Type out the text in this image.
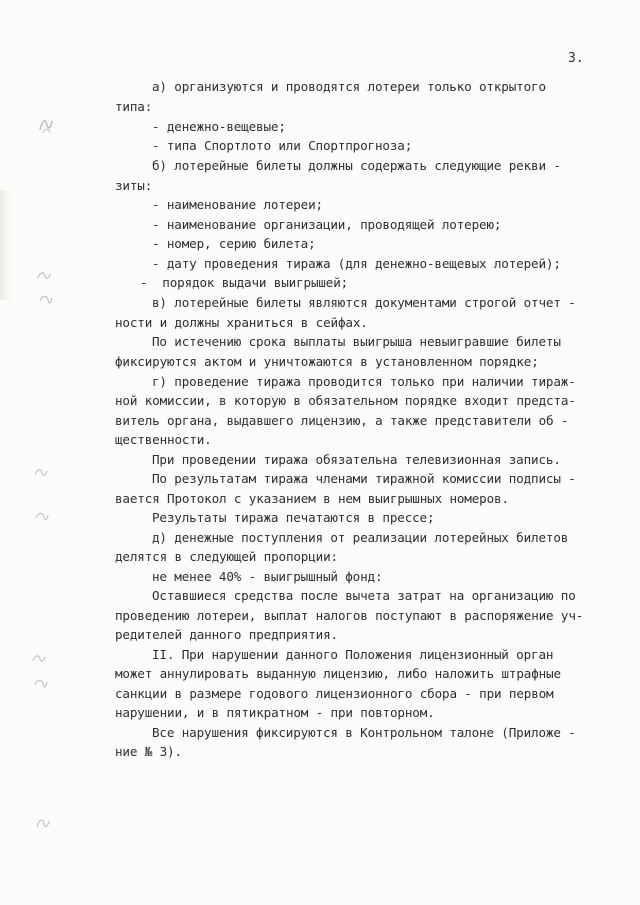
3.
а) организуются и проводятся лотереи только открытого
типа:
- денежно-вещевые;
- типа Спортлото или Спортпрогноза;
б) лотерейные билеты должны содержать следующие рекви -
зиты:
- наименование лотереи;
- наименование организации, проводящей лотерею;
- номер, серию билета;
- дату проведения тиража (для денежно-вещевых лотерей);
-  порядок выдачи выигрышей;
в) лотерейные билеты являются документами строгой отчет -
ности и должны храниться в сейфах.
По истечению срока выплаты выигрыша невыигравшие билеты
фиксируются актом и уничтожаются в установленном порядке;
г) проведение тиража проводится только при наличии тираж-
ной комиссии, в которую в обязательном порядке входит предста-
витель органа, выдавшего лицензию, а также представители об -
щественности.
При проведении тиража обязательна телевизионная запись.
По результатам тиража членами тиражной комиссии подписы -
вается Протокол с указанием в нем выигрышных номеров.
Результаты тиража печатаются в прессе;
д) денежные поступления от реализации лотерейных билетов
делятся в следующей пропорции:
не менее 40% - выигрышный фонд:
Оставшиеся средства после вычета затрат на организацию по
проведению лотереи, выплат налогов поступают в распоряжение уч-
редителей данного предприятия.
II. При нарушении данного Положения лицензионный орган
может аннулировать выданную лицензию, либо наложить штрафные
санкции в размере годового лицензионного сбора - при первом
нарушении, и в пятикратном - при повторном.
Все нарушения фиксируются в Контрольном талоне (Приложе -
ние № 3).
